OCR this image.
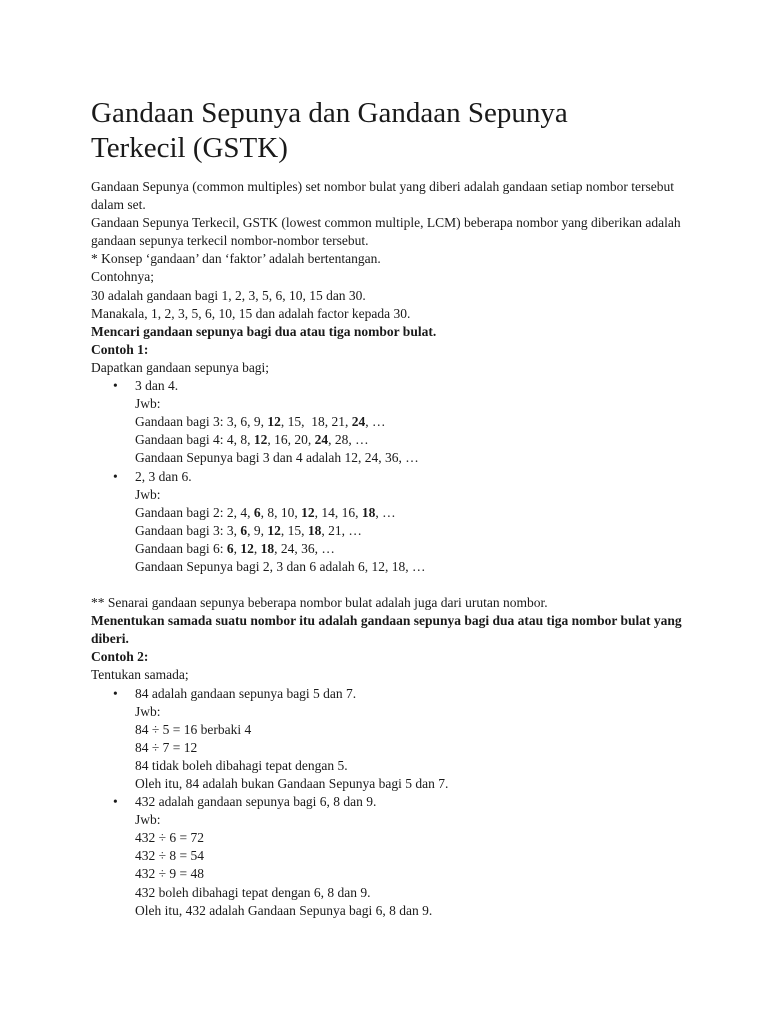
Gandaan Sepunya dan Gandaan Sepunya Terkecil (GSTK)

Gandaan Sepunya (common multiples) set nombor bulat yang diberi adalah gandaan setiap nombor tersebut dalam set.

Gandaan Sepunya Terkecil, GSTK (lowest common multiple, LCM) beberapa nombor yang diberikan adalah gandaan sepunya terkecil nombor-nombor tersebut.

* Konsep ‘gandaan’ dan ‘faktor’ adalah bertentangan.

Contohnya;

30 adalah gandaan bagi 1, 2, 3, 5, 6, 10, 15 dan 30.

Manakala, 1, 2, 3, 5, 6, 10, 15 dan adalah factor kepada 30.

Mencari gandaan sepunya bagi dua atau tiga nombor bulat.

Contoh 1:

Dapatkan gandaan sepunya bagi;

• 3 dan 4.
Jwb:
Gandaan bagi 3: 3, 6, 9, 12, 15,  18, 21, 24, …
Gandaan bagi 4: 4, 8, 12, 16, 20, 24, 28, …
Gandaan Sepunya bagi 3 dan 4 adalah 12, 24, 36, …
• 2, 3 dan 6.
Jwb:
Gandaan bagi 2: 2, 4, 6, 8, 10, 12, 14, 16, 18, …
Gandaan bagi 3: 3, 6, 9, 12, 15, 18, 21, …
Gandaan bagi 6: 6, 12, 18, 24, 36, …
Gandaan Sepunya bagi 2, 3 dan 6 adalah 6, 12, 18, …

** Senarai gandaan sepunya beberapa nombor bulat adalah juga dari urutan nombor.

Menentukan samada suatu nombor itu adalah gandaan sepunya bagi dua atau tiga nombor bulat yang diberi.

Contoh 2:

Tentukan samada;

• 84 adalah gandaan sepunya bagi 5 dan 7.
Jwb:
84 ÷ 5 = 16 berbaki 4
84 ÷ 7 = 12
84 tidak boleh dibahagi tepat dengan 5.
Oleh itu, 84 adalah bukan Gandaan Sepunya bagi 5 dan 7.
• 432 adalah gandaan sepunya bagi 6, 8 dan 9.
Jwb:
432 ÷ 6 = 72
432 ÷ 8 = 54
432 ÷ 9 = 48
432 boleh dibahagi tepat dengan 6, 8 dan 9.
Oleh itu, 432 adalah Gandaan Sepunya bagi 6, 8 dan 9.
